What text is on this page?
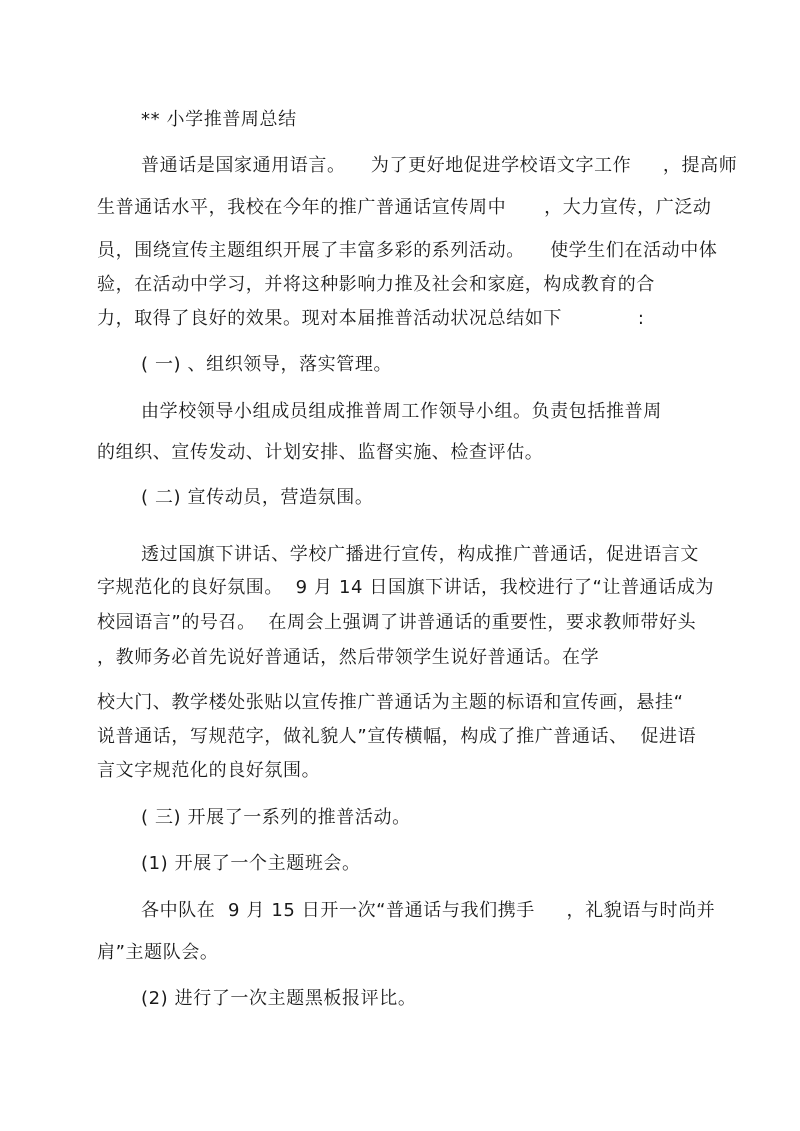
** 小学推普周总结
普通话是国家通用语言。    为了更好地促进学校语文字工作     ，提高师
生普通话水平，我校在今年的推广普通话宣传周中      ，大力宣传，广泛动
员，围绕宣传主题组织开展了丰富多彩的系列活动。    使学生们在活动中体
验，在活动中学习，并将这种影响力推及社会和家庭，构成教育的合
力，取得了良好的效果。现对本届推普活动状况总结如下            :
( 一) 、组织领导，落实管理。
由学校领导小组成员组成推普周工作领导小组。负责包括推普周
的组织、宣传发动、计划安排、监督实施、检查评估。
( 二) 宣传动员，营造氛围。
透过国旗下讲话、学校广播进行宣传，构成推广普通话，促进语言文
字规范化的良好氛围。  9 月 14 日国旗下讲话，我校进行了“让普通话成为
校园语言”的号召。  在周会上强调了讲普通话的重要性，要求教师带好头
，教师务必首先说好普通话，然后带领学生说好普通话。在学
校大门、教学楼处张贴以宣传推广普通话为主题的标语和宣传画，悬挂“
说普通话，写规范字，做礼貌人”宣传横幅，构成了推广普通话、  促进语
言文字规范化的良好氛围。
( 三) 开展了一系列的推普活动。
(1) 开展了一个主题班会。
各中队在  9 月 15 日开一次“普通话与我们携手     ，礼貌语与时尚并
肩”主题队会。
(2) 进行了一次主题黑板报评比。
